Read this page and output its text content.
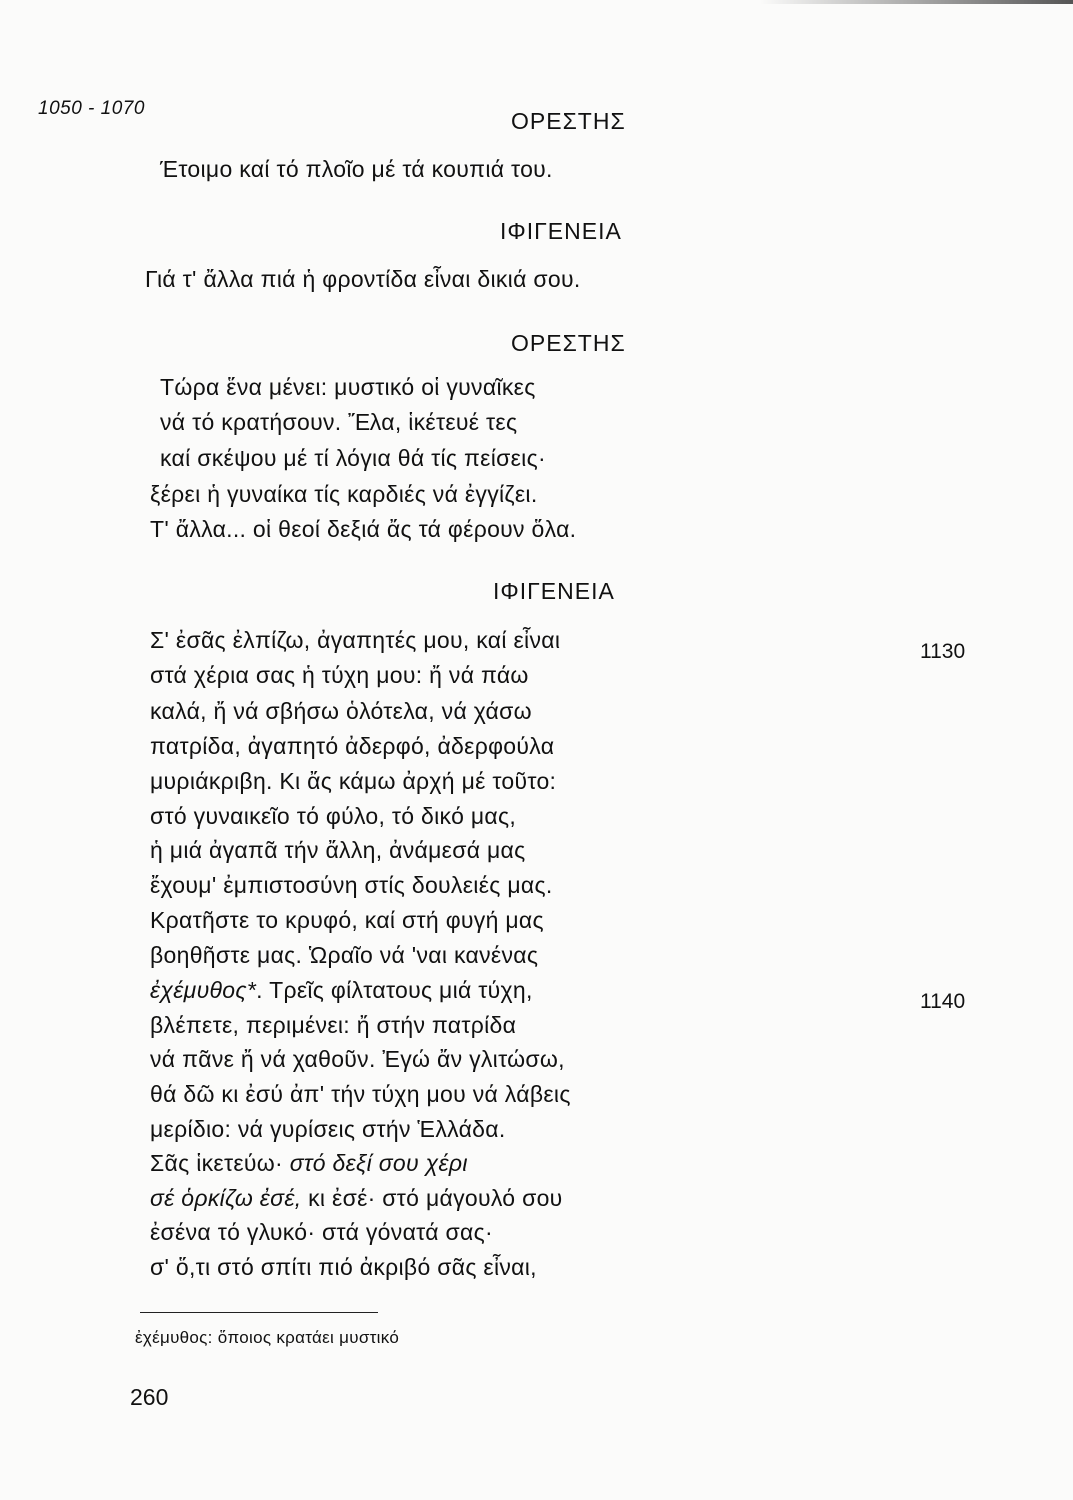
1050 - 1070	ΟΡΕΣΤΗΣ
Έτοιμο καί τό πλοῖο μέ τά κουπιά του.
ΙΦΙΓΕΝΕΙΑ
Γιά τ' ἄλλα πιά ἡ φροντίδα εἶναι δικιά σου.
ΟΡΕΣΤΗΣ
Τώρα ἕνα μένει: μυστικό οἱ γυναῖκες
νά τό κρατήσουν. Ἔλα, ἱκέτευέ τες
καί σκέψου μέ τί λόγια θά τίς πείσεις·
ξέρει ἡ γυναίκα τίς καρδιές νά ἐγγίζει.
Τ' ἄλλα... οἱ θεοί δεξιά ἄς τά φέρουν ὅλα.
ΙΦΙΓΕΝΕΙΑ
Σ' ἐσᾶς ἐλπίζω, ἀγαπητές μου, καί εἶναι	1130
στά χέρια σας ἡ τύχη μου: ἤ νά πάω
καλά, ἤ νά σβήσω ὁλότελα, νά χάσω
πατρίδα, ἀγαπητό ἀδερφό, ἀδερφούλα
μυριάκριβη. Κι ἄς κάμω ἀρχή μέ τοῦτο:
στό γυναικεῖο τό φύλο, τό δικό μας,
ἡ μιά ἀγαπᾶ τήν ἄλλη, ἀνάμεσά μας
ἔχουμ' ἐμπιστοσύνη στίς δουλειές μας.
Κρατῆστε το κρυφό, καί στή φυγή μας
βοηθῆστε μας. Ὡραῖο νά 'ναι κανένας
ἐχέμυθος*. Τρεῖς φίλτατους μιά τύχη,	1140
βλέπετε, περιμένει: ἤ στήν πατρίδα
νά πᾶνε ἤ νά χαθοῦν. Ἐγώ ἄν γλιτώσω,
θά δῶ κι ἐσύ ἀπ' τήν τύχη μου νά λάβεις
μερίδιο: νά γυρίσεις στήν Ἑλλάδα.
Σᾶς ἱκετεύω· στό δεξί σου χέρι
σέ ὁρκίζω ἐσέ, κι ἐσέ· στό μάγουλό σου
ἐσένα τό γλυκό· στά γόνατά σας·
σ' ὅ,τι στό σπίτι πιό ἀκριβό σᾶς εἶναι,
ἐχέμυθος: ὅποιος κρατάει μυστικό
260
